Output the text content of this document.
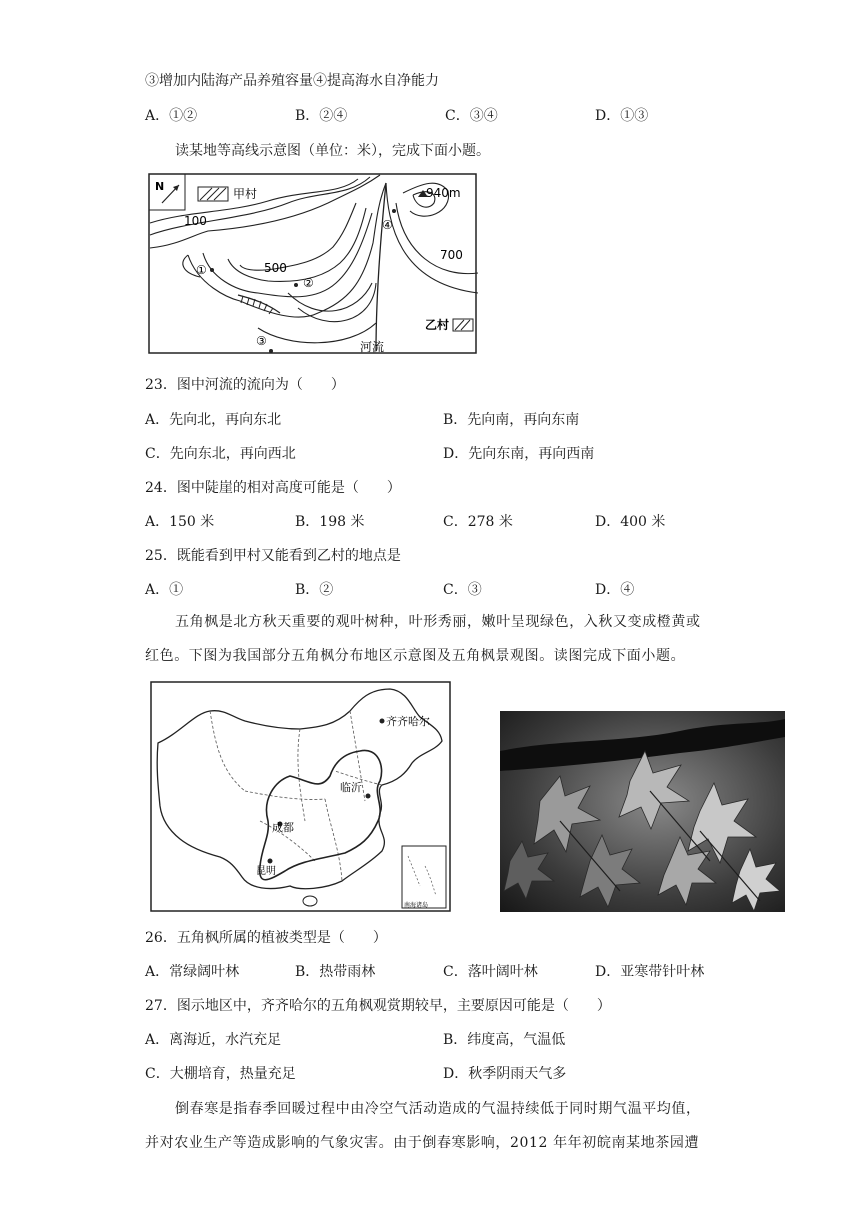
③增加内陆海产品养殖容量④提高海水自净能力
A．①②	B．②④	C．③④	D．①③
读某地等高线示意图（单位：米），完成下面小题。
N
甲村
①
②
③
④
940m
100
500
700
乙村
河流
23．图中河流的流向为（　　）
A．先向北，再向东北	B．先向南，再向东南
C．先向东北，再向西北	D．先向东南，再向西南
24．图中陡崖的相对高度可能是（　　）
A．150 米	B．198 米	C．278 米	D．400 米
25．既能看到甲村又能看到乙村的地点是
A．①	B．②	C．③	D．④

五角枫是北方秋天重要的观叶树种，叶形秀丽，嫩叶呈现绿色，入秋又变成橙黄或

红色。下图为我国部分五角枫分布地区示意图及五角枫景观图。读图完成下面小题。
南海诸岛
齐齐哈尔
临沂
成都
昆明
26．五角枫所属的植被类型是（　　）
A．常绿阔叶林	B．热带雨林	C．落叶阔叶林	D．亚寒带针叶林
27．图示地区中，齐齐哈尔的五角枫观赏期较早，主要原因可能是（　　）
A．离海近，水汽充足	B．纬度高，气温低
C．大棚培育，热量充足	D．秋季阴雨天气多

倒春寒是指春季回暖过程中由冷空气活动造成的气温持续低于同时期气温平均值，

并对农业生产等造成影响的气象灾害。由于倒春寒影响，2012 年年初皖南某地茶园遭
